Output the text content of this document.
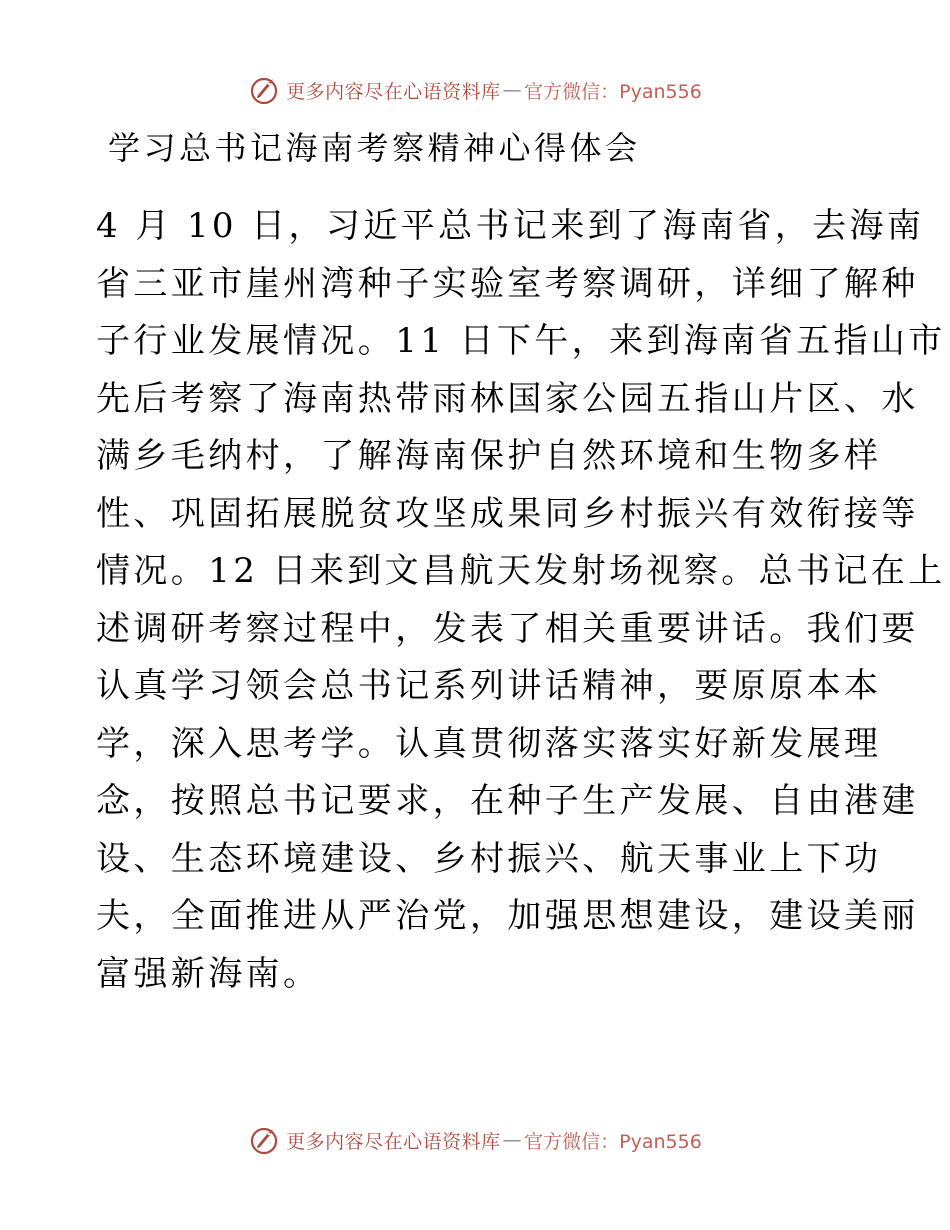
更多内容尽在心语资料库 — 官方微信：Pyan556
学习总书记海南考察精神心得体会
4 月 10 日，习近平总书记来到了海南省，去海南
省三亚市崖州湾种子实验室考察调研，详细了解种
子行业发展情况。11 日下午，来到海南省五指山市
先后考察了海南热带雨林国家公园五指山片区、水
满乡毛纳村，了解海南保护自然环境和生物多样
性、巩固拓展脱贫攻坚成果同乡村振兴有效衔接等
情况。12 日来到文昌航天发射场视察。总书记在上
述调研考察过程中，发表了相关重要讲话。我们要
认真学习领会总书记系列讲话精神，要原原本本
学，深入思考学。认真贯彻落实落实好新发展理
念，按照总书记要求，在种子生产发展、自由港建
设、生态环境建设、乡村振兴、航天事业上下功
夫，全面推进从严治党，加强思想建设，建设美丽
富强新海南。
更多内容尽在心语资料库 — 官方微信：Pyan556
